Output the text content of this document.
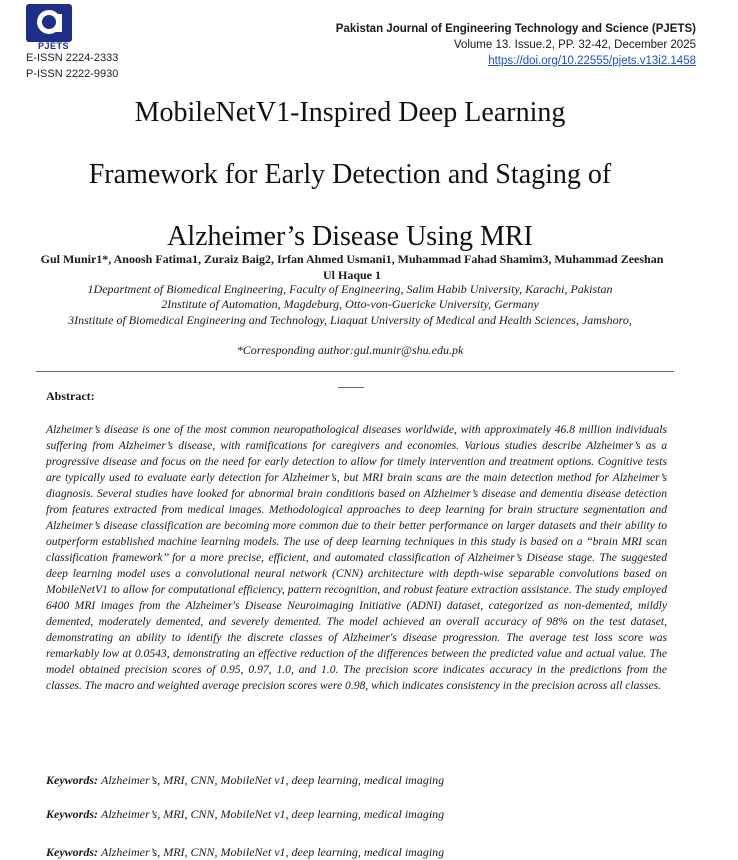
PJETS
E-ISSN 2224-2333
P-ISSN 2222-9930
Pakistan Journal of Engineering Technology and Science (PJETS)
Volume 13. Issue.2, PP. 32-42, December 2025
https://doi.org/10.22555/pjets.v13i2.1458
MobileNetV1-Inspired Deep Learning
Framework for Early Detection and Staging of
Alzheimer’s Disease Using MRI
Gul Munir1*, Anoosh Fatima1, Zuraiz Baig2, Irfan Ahmed Usmani1, Muhammad Fahad Shamim3, Muhammad Zeeshan Ul Haque 1
1Department of Biomedical Engineering, Faculty of Engineering, Salim Habib University, Karachi, Pakistan
2Institute of Automation, Magdeburg, Otto-von-Guericke University, Germany
3Institute of Biomedical Engineering and Technology, Liaquat University of Medical and Health Sciences, Jamshoro,
*Corresponding author:gul.munir@shu.edu.pk
Abstract:

Alzheimer’s disease is one of the most common neuropathological diseases worldwide, with approximately 46.8 million individuals suffering from Alzheimer’s disease, with ramifications for caregivers and economies. Various studies describe Alzheimer’s as a progressive disease and focus on the need for early detection to allow for timely intervention and treatment options. Cognitive tests are typically used to evaluate early detection for Alzheimer’s, but MRI brain scans are the main detection method for Alzheimer’s diagnosis. Several studies have looked for abnormal brain conditions based on Alzheimer’s disease and dementia disease detection from features extracted from medical images. Methodological approaches to deep learning for brain structure segmentation and Alzheimer’s disease classification are becoming more common due to their better performance on larger datasets and their ability to outperform established machine learning models. The use of deep learning techniques in this study is based on a ‘‘brain MRI scan classification framework’’ for a more precise, efficient, and automated classification of Alzheimer’s Disease stage. The suggested deep learning model uses a convolutional neural network (CNN) architecture with depth-wise separable convolutions based on MobileNetV1 to allow for computational efficiency, pattern recognition, and robust feature extraction assistance. The study employed 6400 MRI images from the Alzheimer's Disease Neuroimaging Initiative (ADNI) dataset, categorized as non-demented, mildly demented, moderately demented, and severely demented. The model achieved an overall accuracy of 98% on the test dataset, demonstrating an ability to identify the discrete classes of Alzheimer's disease progression. The average test loss score was remarkably low at 0.0543, demonstrating an effective reduction of the differences between the predicted value and actual value. The model obtained precision scores of 0.95, 0.97, 1.0, and 1.0. The precision score indicates accuracy in the predictions from the classes. The macro and weighted average precision scores were 0.98, which indicates consistency in the precision across all classes.

Keywords: Alzheimer’s, MRI, CNN, MobileNet v1, deep learning, medical imaging
Keywords: Alzheimer’s, MRI, CNN, MobileNet v1, deep learning, medical imaging
Keywords: Alzheimer’s, MRI, CNN, MobileNet v1, deep learning, medical imaging
